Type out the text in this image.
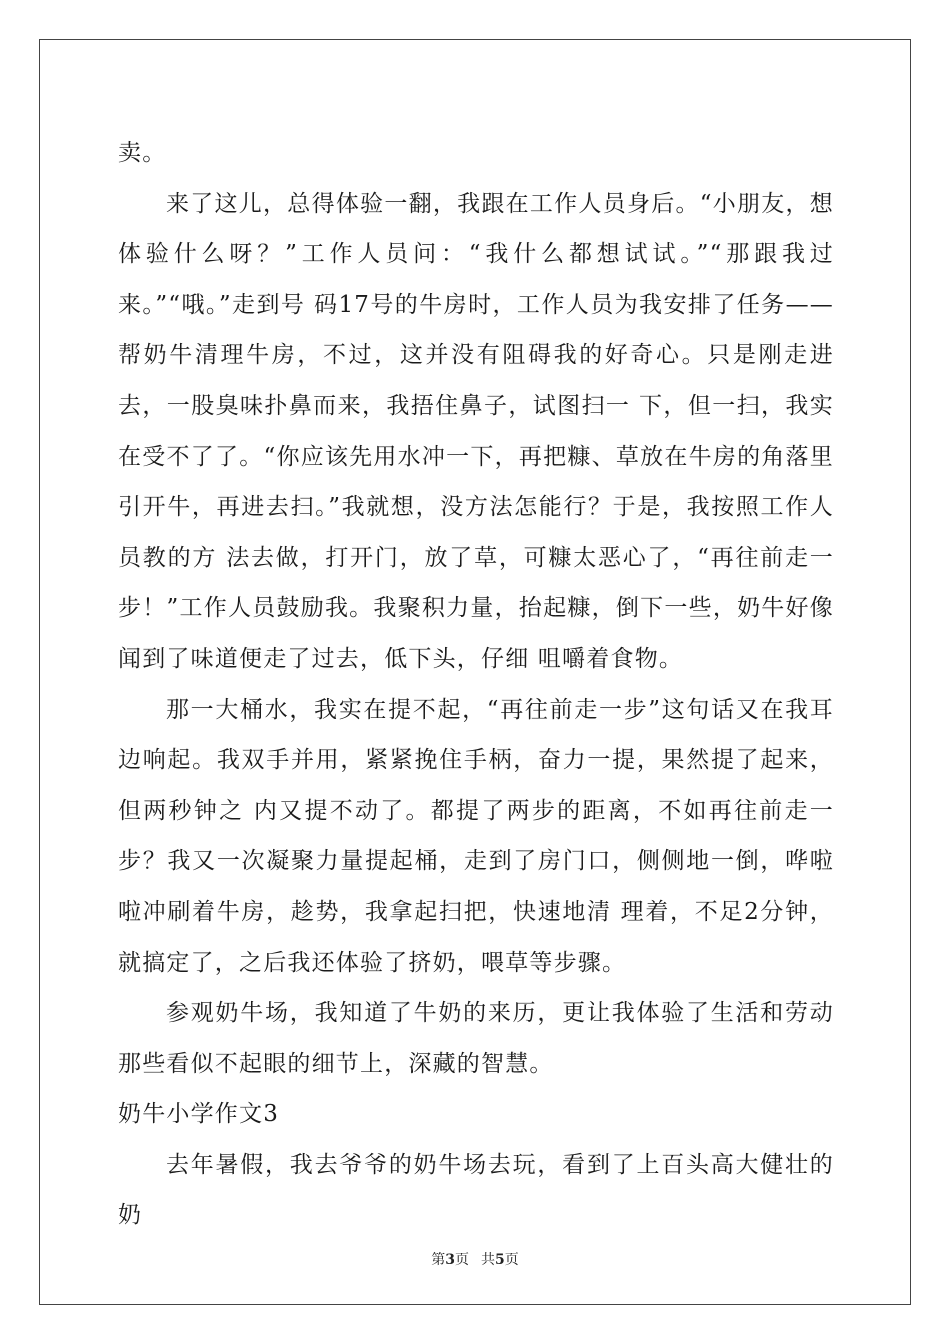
卖。

来了这儿，总得体验一翻，我跟在工作人员身后。“小朋友，想体验什么呀？”工作人员问：“我什么都想试试。”“那跟我过来。”“哦。”走到号 码17号的牛房时，工作人员为我安排了任务——帮奶牛清理牛房，不过，这并没有阻碍我的好奇心。只是刚走进去，一股臭味扑鼻而来，我捂住鼻子，试图扫一 下，但一扫，我实在受不了了。“你应该先用水冲一下，再把糠、草放在牛房的角落里引开牛，再进去扫。”我就想，没方法怎能行？于是，我按照工作人员教的方 法去做，打开门，放了草，可糠太恶心了，“再往前走一步！”工作人员鼓励我。我聚积力量，抬起糠，倒下一些，奶牛好像闻到了味道便走了过去，低下头，仔细 咀嚼着食物。

那一大桶水，我实在提不起，“再往前走一步”这句话又在我耳边响起。我双手并用，紧紧挽住手柄，奋力一提，果然提了起来，但两秒钟之 内又提不动了。都提了两步的距离，不如再往前走一步？我又一次凝聚力量提起桶，走到了房门口，侧侧地一倒，哗啦啦冲刷着牛房，趁势，我拿起扫把，快速地清 理着，不足2分钟，就搞定了，之后我还体验了挤奶，喂草等步骤。

参观奶牛场，我知道了牛奶的来历，更让我体验了生活和劳动那些看似不起眼的细节上，深藏的智慧。

奶牛小学作文3

去年暑假，我去爷爷的奶牛场去玩，看到了上百头高大健壮的奶

第3页 共5页
